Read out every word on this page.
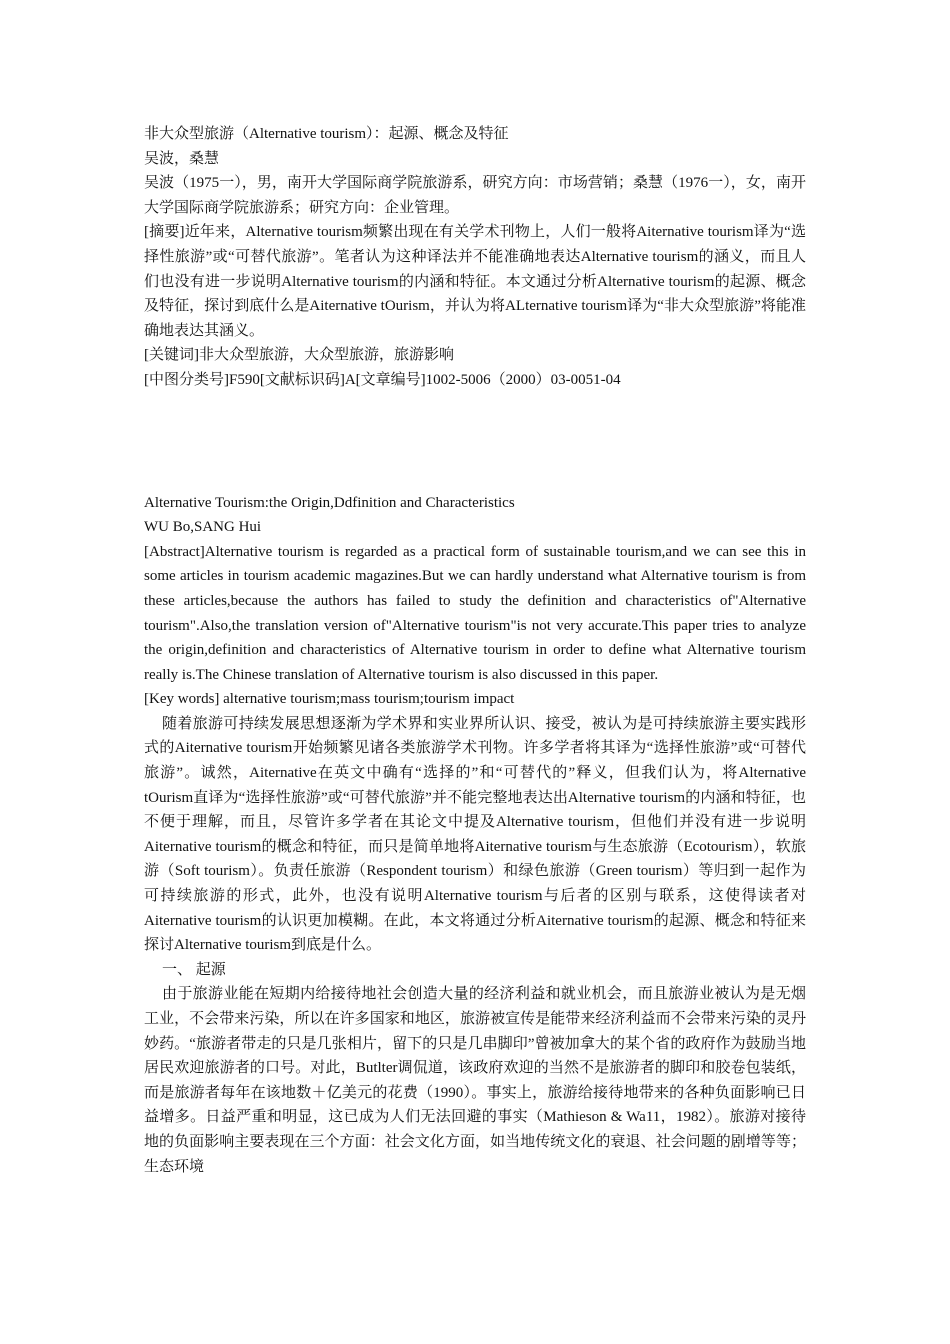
非大众型旅游（Alternative tourism）：起源、概念及特征

吴波，桑慧

吴波（1975一），男，南开大学国际商学院旅游系，研究方向：市场营销；桑慧（1976一），女，南开大学国际商学院旅游系；研究方向：企业管理。

[摘要]近年来，Alternative tourism频繁出现在有关学术刊物上，人们一般将Aiternative tourism译为“选择性旅游”或“可替代旅游”。笔者认为这种译法并不能准确地表达Alternative tourism的涵义，而且人们也没有进一步说明Alternative tourism的内涵和特征。本文通过分析Alternative tourism的起源、概念及特征，探讨到底什么是Aiternative tOurism，并认为将ALternative tourism译为“非大众型旅游”将能准确地表达其涵义。

[关键词]非大众型旅游，大众型旅游，旅游影响

[中图分类号]F590[文献标识码]A[文章编号]1002-5006（2000）03-0051-04

Alternative Tourism:the Origin,Ddfinition and Characteristics

WU Bo,SANG Hui

[Abstract]Alternative tourism is regarded as a practical form of sustainable tourism,and we can see this in some articles in tourism academic magazines.But we can hardly understand what Alternative tourism is from these articles,because the authors has failed to study the definition and characteristics of"Alternative tourism".Also,the translation version of"Alternative tourism"is not very accurate.This paper tries to analyze the origin,definition and characteristics of Alternative tourism in order to define what Alternative tourism really is.The Chinese translation of Alternative tourism is also discussed in this paper.

[Key words] alternative tourism;mass tourism;tourism impact

随着旅游可持续发展思想逐渐为学术界和实业界所认识、接受，被认为是可持续旅游主要实践形式的Aiternative tourism开始频繁见诸各类旅游学术刊物。许多学者将其译为“选择性旅游”或“可替代旅游”。诚然，Aiternative在英文中确有“选择的”和“可替代的”释义，但我们认为，将Alternative tOurism直译为“选择性旅游”或“可替代旅游”并不能完整地表达出Alternative tourism的内涵和特征，也不便于理解，而且，尽管许多学者在其论文中提及Alternative tourism，但他们并没有进一步说明Aiternative tourism的概念和特征，而只是简单地将Aiternative tourism与生态旅游（Ecotourism），软旅游（Soft tourism）。负责任旅游（Respondent tourism）和绿色旅游（Green tourism）等归到一起作为可持续旅游的形式，此外，也没有说明Alternative tourism与后者的区别与联系，这使得读者对Aiternative tourism的认识更加模糊。在此，本文将通过分析Aiternative tourism的起源、概念和特征来探讨Alternative tourism到底是什么。

一、 起源

由于旅游业能在短期内给接待地社会创造大量的经济利益和就业机会，而且旅游业被认为是无烟工业，不会带来污染，所以在许多国家和地区，旅游被宣传是能带来经济利益而不会带来污染的灵丹妙药。“旅游者带走的只是几张相片，留下的只是几串脚印”曾被加拿大的某个省的政府作为鼓励当地居民欢迎旅游者的口号。对此，Butlter调侃道，该政府欢迎的当然不是旅游者的脚印和胶卷包装纸，而是旅游者每年在该地数＋亿美元的花费（1990）。事实上，旅游给接待地带来的各种负面影响已日益增多。日益严重和明显，这已成为人们无法回避的事实（Mathieson & Wa11，1982）。旅游对接待地的负面影响主要表现在三个方面：社会文化方面，如当地传统文化的衰退、社会问题的剧增等等；生态环境
